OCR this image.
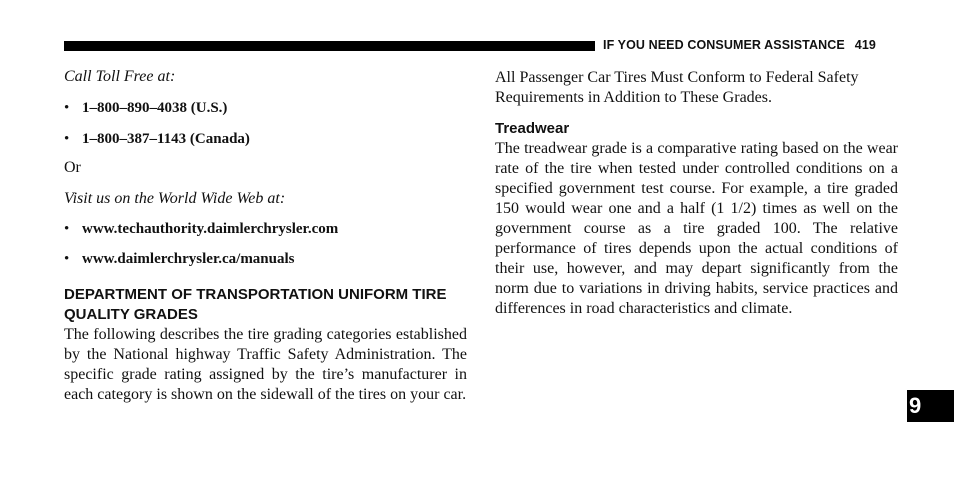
IF YOU NEED CONSUMER ASSISTANCE 419

Call Toll Free at:

• 1–800–890–4038 (U.S.)
• 1–800–387–1143 (Canada)

Or

Visit us on the World Wide Web at:

• www.techauthority.daimlerchrysler.com
• www.daimlerchrysler.ca/manuals
DEPARTMENT OF TRANSPORTATION UNIFORM TIRE QUALITY GRADES

The following describes the tire grading categories established by the National highway Traffic Safety Administration. The specific grade rating assigned by the tire’s manufacturer in each category is shown on the sidewall of the tires on your car.

All Passenger Car Tires Must Conform to Federal Safety Requirements in Addition to These Grades.

Treadwear

The treadwear grade is a comparative rating based on the wear rate of the tire when tested under controlled conditions on a specified government test course. For example, a tire graded 150 would wear one and a half (1 1/2) times as well on the government course as a tire graded 100. The relative performance of tires depends upon the actual conditions of their use, however, and may depart significantly from the norm due to variations in driving habits, service practices and differences in road characteristics and climate.

9
